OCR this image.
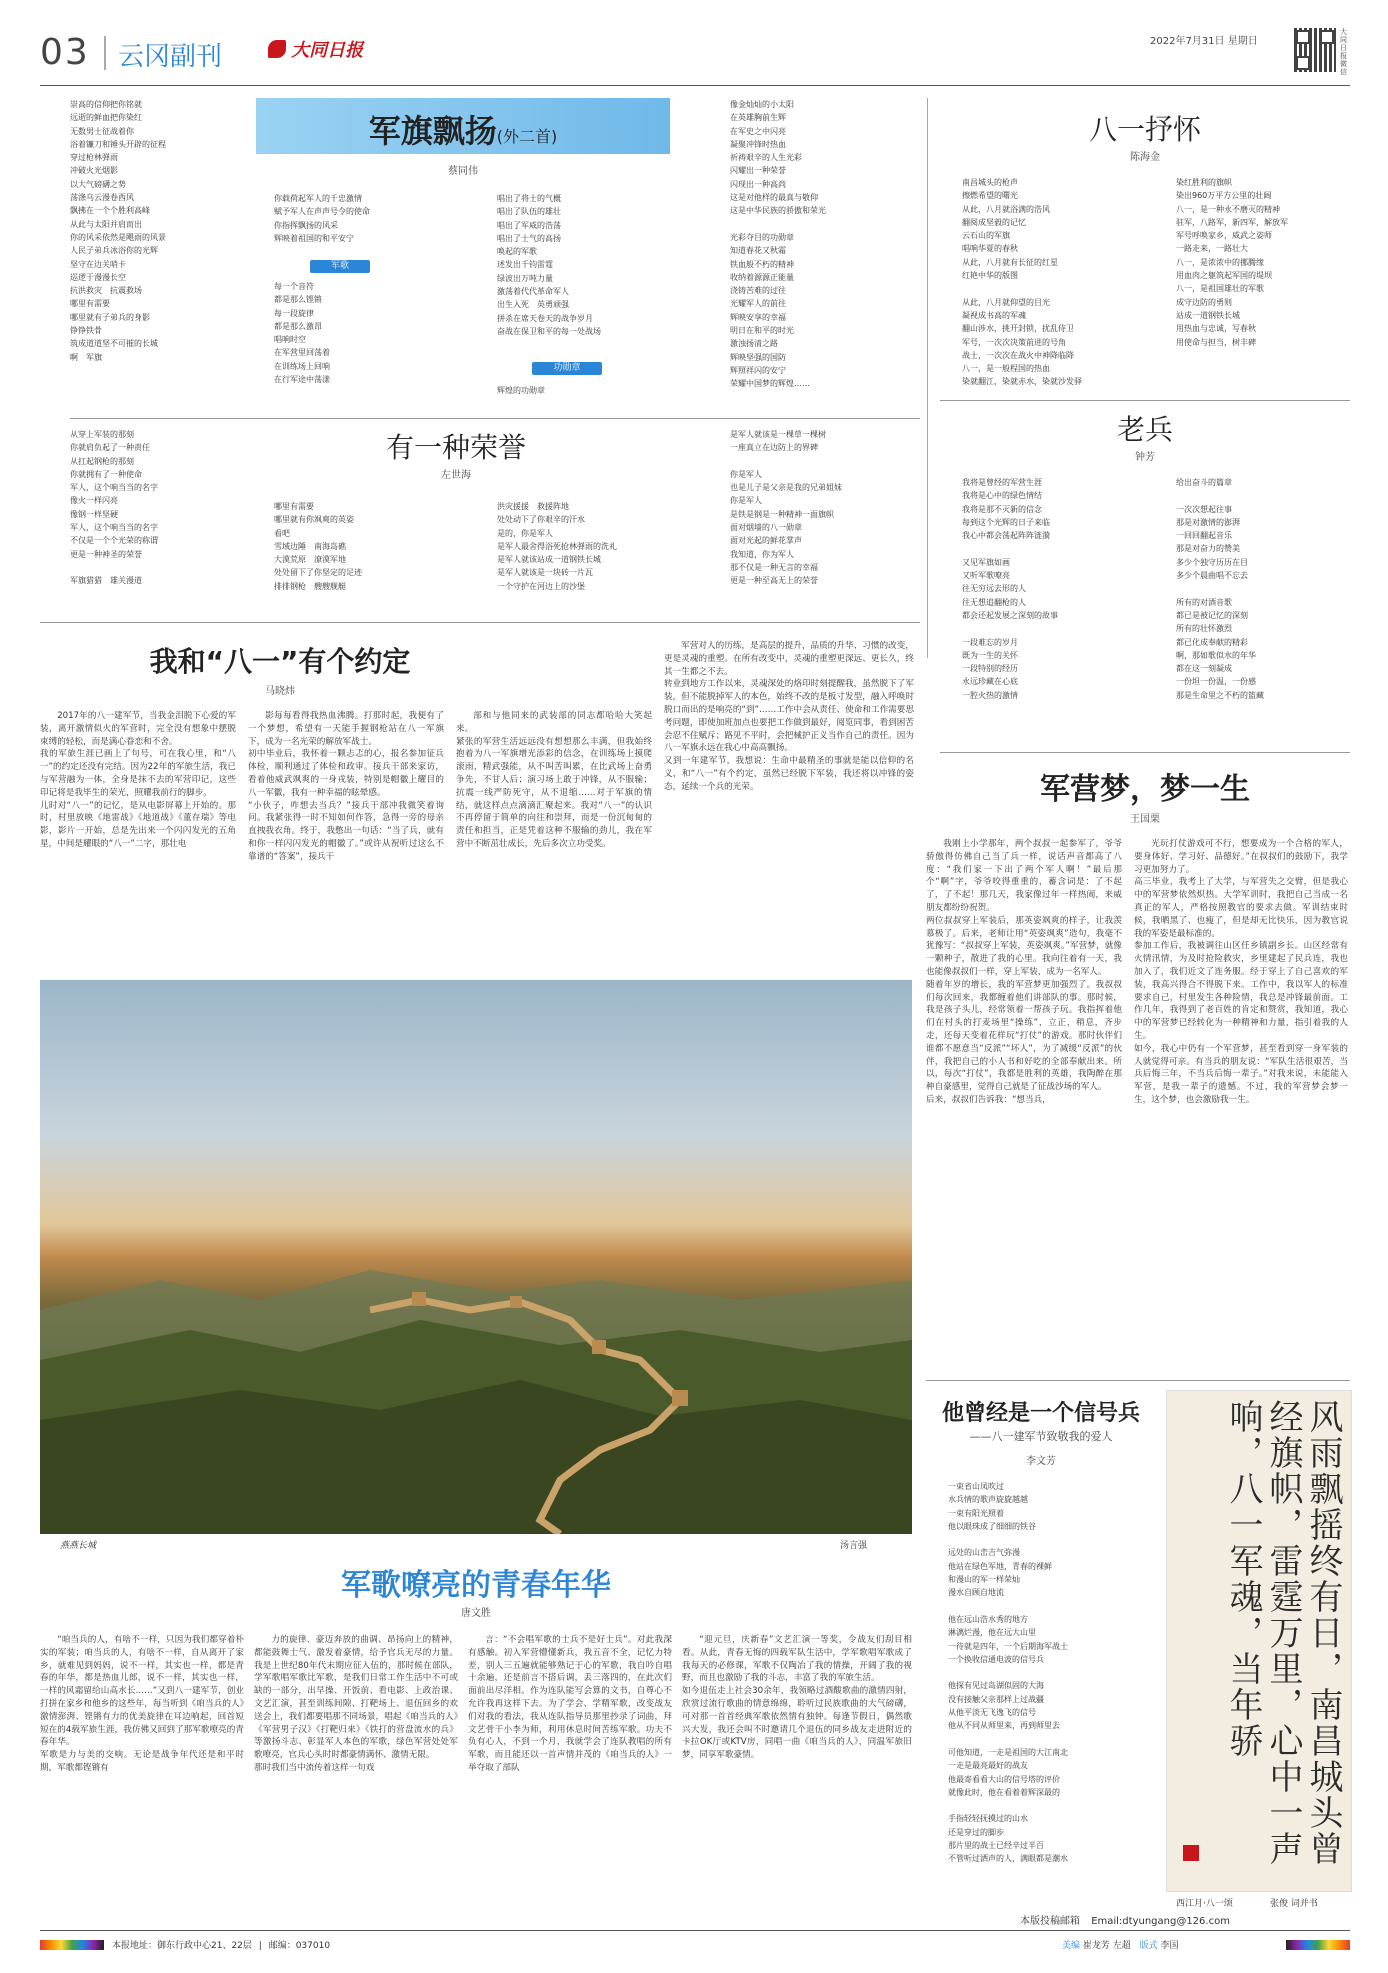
03 云冈副刊	大同日报	2022年7月31日 星期日
大同日报微信
崇高的信仰把你铭就
远逝的鲜血把你染红
无数男士征战着你
浴着镰刀和锤头开辟的征程
穿过枪林弹雨
冲破火光烟影
以大气磅礴之势
荡涤乌云漫卷西风
飘拂在一个个胜利高峰
从此与太阳并肩而出
你的风采依然是飓雨的风景
人民子弟兵冰浴你的光辉
坚守在边关哨卡
巡逻于漫漫长空
抗洪救灾　抗震救场
哪里有需要
哪里就有子弟兵的身影
铮铮铁骨
筑成道道坚不可摧的长城
啊　军旗
军旗飘扬(外二首)
蔡同伟
你载荷起军人的千忠激情
赋予军人在声声号令的使命
你指挥飘扬的风采
辉映着祖国的和平安宁
军歌
每一个音符
都是那么铿锵
每一段旋律
都是那么激昂
唱响时空
在军营里回荡着
在训练场上回响
在行军途中荡漾
唱出了将士的气概
唱出了队伍的雄壮
唱出了军威的浩荡
唱出了士气的高扬
唤起的军歌
述发出千钧雷霆
绿波出万吨力量
激荡着代代革命军人
出生入死　英勇顽强
拼杀在席天卷天的战争岁月
奋战在保卫和平的每一处战场
功勋章
辉煌的功勋章
像金灿灿的小太阳
在英雄胸前生辉
在军史之中闪亮
凝聚冲锋时热血
祈祷艰辛的人生光彩
闪耀出一种荣誉
闪现出一种高尚
这是对他样的最真与敬仰
这是中华民族的骄傲和荣光

光彩夺目的功勋章
知道春花又秋霜
铁血般不朽的精神
收纳着源源正能量
浇铸苦难的过往
光耀军人的前往
辉映安享的幸福
明日在和平的时光
激浊扬清之路
辉映坚强的国防
辉照祥闪的安宁
荣耀中国梦的辉煌……
八一抒怀
陈海金
南昌城头的枪声
擦燃希望的曙光
从此，八月就浴满的浩风
翻阅成坚毅的记忆
云石山的军旗
唱响华夏的春秋
从此，八月就有长征的红星
红艳中华的版图

从此，八月就仰望的目光
凝视成书高的军魂
翻山涉水，挑开封锁，扰乱侍卫
军号，一次次决策前进的号角
战士，一次次在战火中神降临降
八一，是一般程国的热血
染就翻江，染就赤水，染就沙发驿
染红胜利的旗帜
染出960万平方公里的壮阔
八一，是一种永不磨灭的精神
驻军，八路军，新四军，解放军
军号呼唤家乡，威武之姿师
一路走来，一路壮大
八一，是浓浓中的挪腾缘
用血肉之躯筑起军国的堤坝
八一，是祖国雄壮的军歌
成守边防的勇则
站成一道钢铁长城
用热血与忠诚，写春秋
用使命与担当，树丰碑
老兵
钟芳
我将是曾经的军营生涯
我将是心中的绿色情结
我将是那不灭新的信念
每到这个光辉的日子来临
我心中都会荡起阵阵涟漪

又见军旗如画
又听军歌嘹亮
往无穷远去形的人
往无想追翻枪的人
都会还起发展之深刻的故事

一段难忘的岁月
既为一生的关怀
一段特别的经历
永远珍藏在心底
一腔火热的激情
给出奋斗的篇章

一次次想起往事
那是对激情的澎湃
一回回翻起音乐
那是对奋力的赞美
多少个独守历历在目
多少个晨曲唱不忘去

所有的对酒音歌
都已是被记忆的深刻
所有的壮怀激烈
都已化成奉献的精彩
啊，那如歌似水的年华
都在这一刻凝成
一份坦一份温，一份感
那是生命里之不朽的篮藏
从穿上军装的那刻
你就肩负起了一种责任
从扛起钢枪的那刻
你就拥有了一种使命
军人，这个响当当的名字
像火一样闪亮
像钢一样坚硬
军人，这个响当当的名字
不仅是一个个光荣的称谓
更是一种神圣的荣誉

军旗猎猎　雄关漫道
有一种荣誉
左世海
哪里有需要
哪里就有你飒爽的英姿
看吧
雪域边陲　南海岛礁
大漠荒原　潦漠军地
处处留下了你坚定的足迹
排排钢枪　艘艘舰艇
洪灾援援　救援阵地
处处动下了你艰辛的汗水
是的，你是军人
是军人最舍得浴死抢林弹雨的洗礼
是军人就该站成一道钢铁长城
是军人就该是一块砖一片瓦
一个守护在河边上的沙堡
是军人就该是一棵草一棵树
一座真立在边防上的界碑

你是军人
也是儿子是父亲是我的兄弟姐妹
你是军人
是铁是钢是一种精神一面旗帜
面对烟墙的八一勋章
面对光起的鲜花掌声
我知道，你为军人
那不仅是一种无言的幸福
更是一种至高无上的荣誉
我和“八一”有个约定
马晓炜
2017年的八一建军节，当我金泪脱下心爱的军装，离开激情似火的军营时，完全没有想象中摆脱束缚的轻松，而是满心眷恋和不舍。
我的军旅生涯已画上了句号，可在我心里，和“八一”的约定还没有完结。因为22年的军旅生活，我已与军营融为一体，全身是抹不去的军营印记，这些印记将是我毕生的荣光，照耀我前行的脚步。
儿时对“八一”的记忆，是从电影屏幕上开始的。那时，村里放映《地雷战》《地道战》《董存瑞》等电影，影片一开始，总是先出来一个闪闪发光的五角星，中间是耀眼的“八一”二字，那壮电
影每每看得我热血沸腾。打那时起，我便有了一个梦想，希望有一天能手握钢枪站在八一军旗下，成为一名光荣的解放军战士。
初中毕业后，我怀着一颗忐忑的心，报名参加征兵体检，顺利通过了体检和政审。接兵干部来家访，看着他威武飒爽的一身戎装，特别是帽徽上耀目的八一军徽，我有一种幸福的眩晕感。
“小伙子，咋想去当兵？”接兵干部冲我微笑着询问。我紧张得一时不知如何作答，急得一旁的母亲直拽我衣角。终于，我憋出一句话：“当了兵，就有和你一样闪闪发光的帽徽了。”或许从祝听过这么不靠谱的“答案”，接兵干
部和与他同来的武装部的同志都哈哈大笑起来。
紧张的军营生活远远没有想想那么丰满，但我始终抱着为八一军旗增光添彩的信念，在训练场上摸爬滚雨，精武强能，从不叫苦叫累，在比武场上奋勇争先，不甘人后；演习场上敢于冲锋，从不服输；抗震一线严防死守，从不退缩……对于军旗的情结，就这样点点滴滴汇聚起来。我对“八一”的认识不再停留于简单的向往和崇拜，而是一份沉甸甸的责任和担当，正是凭着这种不服输的劲儿，我在军营中不断茁壮成长，先后多次立功受奖。
军营对人的历练，是高层的提升，品质的升华、习惯的改变，更是灵魂的重塑。在所有改变中，灵魂的重塑更深远、更长久，终其一生都之不去。
转业到地方工作以来，灵魂深处的烙印时刻提醒我，虽然脱下了军装，但不能脱掉军人的本色，始终不改的是板寸发型，融入呼唤时脱口而出的是响亮的“到”……工作中会从责任、使命和工作需要思考问题，即使加班加点也要把工作做到最好，阅览同事，看到困苦会忍不住赋斥；路见不平时，会把械护正义当作自己的责任。因为八一军旗永远在我心中高高飘扬。
又到一年建军节，我想说：生命中最精圣的事就是能以信仰的名义，和“八一”有个约定，虽然已经脱下军装，我还将以冲锋的姿态，延续一个兵的光荣。	军营梦，梦一生
王国栗
我刚上小学那年，两个叔叔一起参军了，爷爷骄傲得仿佛自己当了兵一样，说话声音都高了八度：“我们家一下出了两个军人啊！”最后那个“啊”字，爷爷咬得重重的，蓄含词是：了不起了，了不起！那几天，我家像过年一样热闹，来威朋友都纷纷祝贺。
两位叔叔穿上军装后，那英姿飒爽的样子，让我羡慕极了。后来，老师让用“英姿飒爽”造句，我毫不犹豫写：“叔叔穿上军装，英姿飒爽。”军营梦，就像一颗种子，散进了我的心里。我向往着有一天，我也能像叔叔们一样，穿上军装，成为一名军人。
随着年岁的增长，我的军营梦更加强烈了。我叔叔们每次回来，我都缠着他们讲部队的事。那时候，我是孩子头儿，经常领着一帮孩子玩。我指挥着他们在村头的打麦场里“操练”，立正，稍息，齐步走，还每天变着花样玩“打仗”的游戏。那时伙伴们谁都不愿意当“反派”“坏人”，为了减缓“反派”的伙伴，我把自己的小人书和好吃的全部奉献出来。所以，每次“打仗”，我都是胜利的英雄，我陶醉在那种自豪感里，觉得自己就是了征战沙场的军人。
后来，叔叔们告诉我：“想当兵，
光玩打仗游戏可不行，想要成为一个合格的军人，要身体好、学习好、品德好。”在叔叔们的鼓励下，我学习更加努力了。
高三毕业，我考上了大学，与军营失之交臂，但是我心中的军营梦依然炽热。大学军训时，我把自己当成一名真正的军人，严格按照教官的要求去做。军训结束时候，我晒黑了、也瘦了，但是却无比快乐，因为教官说我的军姿是最标准的。
参加工作后，我被调往山区任乡镇副乡长。山区经常有火情汛情，为及时抢险救灾，乡里建起了民兵连，我也加入了，我们近文了连务服。经于穿上了自己喜欢的军装，我高兴得合不得脱下来。工作中，我以军人的标准要求自己，村里发生各种险情，我总是冲锋最前面。工作几年，我得到了老百姓的肯定和赞赏，我知道，我心中的军营梦已经转化为一种精神和力量，指引着我的人生。
如今，我心中仍有一个军营梦，甚至看到穿一身军装的人就觉得可亲。有当兵的朋友说：“军队生活很艰苦，当兵后悔三年，不当兵后悔一辈子。”对我来说，未能能入军营，是我一辈子的遗憾。不过，我的军营梦会梦一生，这个梦，也会激励我一生。
燕燕长城	汤言强
他曾经是一个信号兵
——八一建军节致敬我的爱人
李文芳
一束省山凤吹过
水兵情的歌声旋旋越越
一束有阳光照着
他以眼珠成了细细的铁谷

远处的山峦吉气弥漫
他站在绿色军地，青春的裸鲜
和漫山的军一样荣灿
漫水自顾自地流

他在远山浩水秀的地方
淋漓烂漫，他在远大山里
一待就是四年，一个后期海军战士
一个换收信通电波的信号兵

他探有见过岛湖似固的大海
没有接触父亲那样上过战疆
从他平淡无飞逸飞的信号
他从不同从师里来，再到师里去

可他知道，一走是祖国的大江南北
一走是最亮最好的战友
他最寄看看大山的信号塔的评价
就像此时，他在看着着辉深最的

手指轻轻抚摸过的山水
还是穿过的脚步
那片里的战士已经辛过半百
不管听过洒声的人，满眼都是潮水	风雨飘摇终有日，南昌城头曾经旗帜，雷霆万里，心中一声响，八一军魂，当年骄
西江月·八一颂	张俊 词并书
军歌嘹亮的青春年华
唐文胜
“咱当兵的人，有啥不一样，只因为我们都穿着朴实的军装；咱当兵的人，有啥不一样，自从离开了家乡，就难见到妈妈，说不一样，其实也一样，都是青春的年华，都是热血儿郎，说不一样，其实也一样，一样的风霜留给山高水长……”又到八一建军节，创业打拼在家乡和他乡的这些年，每当听到《咱当兵的人》激情澎湃、铿锵有力的优美旋律在耳边响起，回首短短在的4载军旅生涯，我仿佛又回到了那军歌嘹亮的青春年华。
军歌是力与美的交响。无论是战争年代还是和平时期，军歌都铿锵有
力的旋律、豪迈奔放的曲调、昂扬向上的精神，都能鼓舞士气、激发着豪情，给予官兵无尽的力量。我是上世纪80年代末期应征入伍的，那时候在部队，学军歌唱军歌比军歌，是我们日常工作生活中不可或缺的一部分，出早操、开饭前、看电影、上政治课、文艺汇演，甚至训练间隙、打靶场上、退伍回乡的欢送会上，我们都要唱那不同场景，唱起《咱当兵的人》《军营男子汉》《打靶归来》《铁打的营盘流水的兵》等激扬斗志、彰显军人本色的军歌，绿色军营处处军歌嘹亮，官兵心头时时都豪情满怀、激情无限。
那时我们当中流传着这样一句戏
言：“不会唱军歌的士兵不是好士兵”。对此我深有感触。初入军营懵懂新兵，我五音不全，记忆力特差，别人三五遍就能够熟记于心的军歌，我自吟自唱十余遍，还是前言不搭后调，丢三落四的，在此次们面前出尽洋相。作为连队能写会算的文书，自尊心不允许我再这样下去。为了学会、学精军歌，改变战友们对我的看法，我从连队指导员那里抄录了词曲，拜文艺骨干小李为师，利用休息时间苦练军歌。功夫不负有心人，不到一个月，我就学会了连队教唱的所有军歌，而且能还以一首声情并茂的《咱当兵的人》一举夺取了部队
“迎元旦，庆新春”文艺汇演一等奖，令战友们刮目相看。从此，青春无悔的四载军队生活中，学军歌唱军歌成了我每天的必修课，军歌不仅陶冶了我的情操，开阔了我的视野，而且也激励了我的斗志，丰富了我的军旅生活。
如今退伍走上社会30余年，我领略过酒酸歌曲的激情四射，欣赏过流行歌曲的情意绵绵，聆听过民族歌曲的大气磅礴，可对那一首首经典军歌依然情有独钟。每逢节假日，偶然歌兴大发，我还会叫不时邀请几个退伍的同乡战友走进附近的卡拉OK厅或KTV房，同唱一曲《咱当兵的人》，同温军旅旧梦，同享军歌豪情。
本版投稿邮箱 Email:dtyungang@126.com
本报地址：御东行政中心21、22层 | 邮编：037010	美编 崔龙芳 左超 版式 李国
